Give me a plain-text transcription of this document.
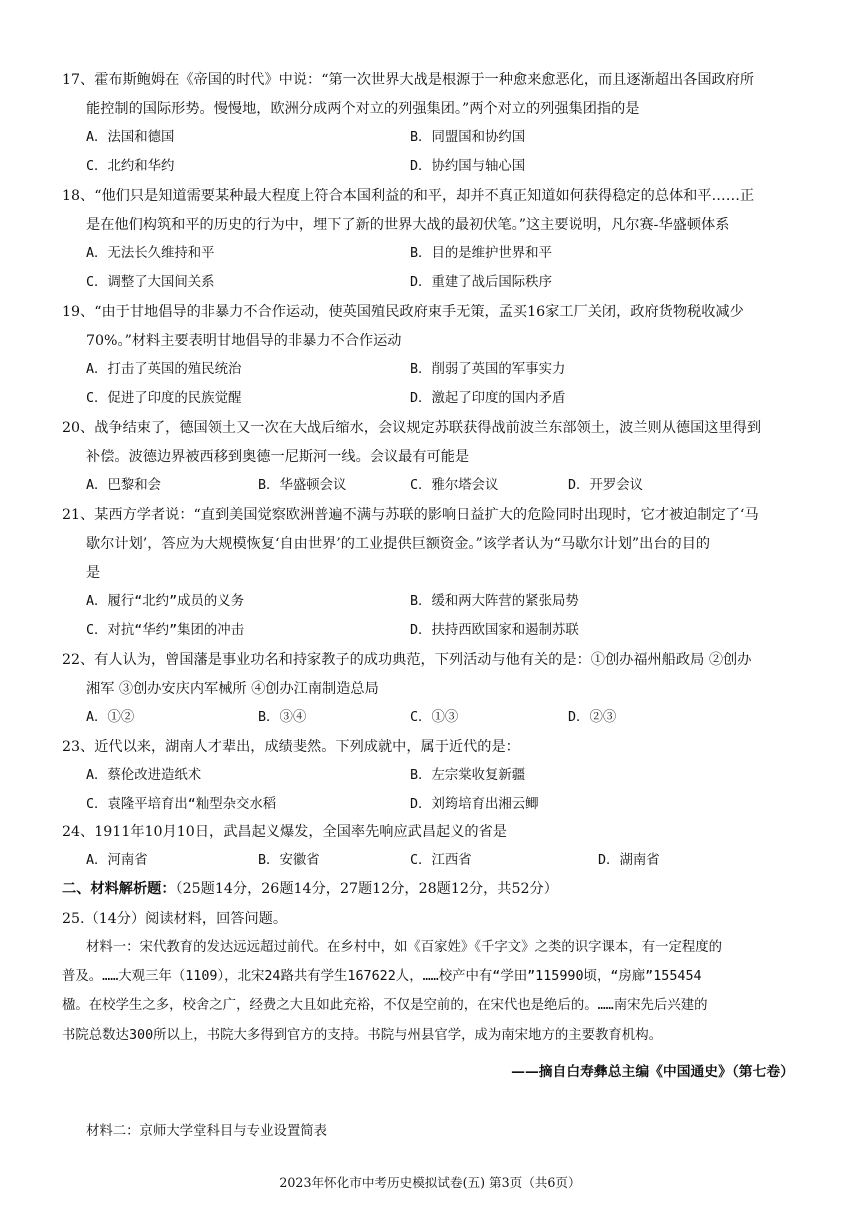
17、霍布斯鲍姆在《帝国的时代》中说：“第一次世界大战是根源于一种愈来愈恶化，而且逐渐超出各国政府所
能控制的国际形势。慢慢地，欧洲分成两个对立的列强集团。”两个对立的列强集团指的是
A．法国和德国	B．同盟国和协约国
C．北约和华约	D．协约国与轴心国
18、“他们只是知道需要某种最大程度上符合本国利益的和平，却并不真正知道如何获得稳定的总体和平……正
是在他们构筑和平的历史的行为中，埋下了新的世界大战的最初伏笔。”这主要说明，凡尔赛-华盛顿体系
A．无法长久维持和平	B．目的是维护世界和平
C．调整了大国间关系	D．重建了战后国际秩序
19、“由于甘地倡导的非暴力不合作运动，使英国殖民政府束手无策，孟买16家工厂关闭，政府货物税收减少
70%。”材料主要表明甘地倡导的非暴力不合作运动
A．打击了英国的殖民统治	B．削弱了英国的军事实力
C．促进了印度的民族觉醒	D．激起了印度的国内矛盾
20、战争结束了，德国领土又一次在大战后缩水，会议规定苏联获得战前波兰东部领土，波兰则从德国这里得到
补偿。波德边界被西移到奥德一尼斯河一线。会议最有可能是
A．巴黎和会	B．华盛顿会议	C．雅尔塔会议	D．开罗会议
21、某西方学者说：“直到美国觉察欧洲普遍不满与苏联的影响日益扩大的危险同时出现时，它才被迫制定了‘马
歇尔计划’，答应为大规模恢复‘自由世界’的工业提供巨额资金。”该学者认为“马歇尔计划”出台的目的
是
A．履行“北约”成员的义务	B．缓和两大阵营的紧张局势
C．对抗“华约”集团的冲击	D．扶持西欧国家和遏制苏联
22、有人认为，曾国藩是事业功名和持家教子的成功典范，下列活动与他有关的是：①创办福州船政局 ②创办
湘军 ③创办安庆内军械所 ④创办江南制造总局
A．①②	B．③④	C．①③	D．②③
23、近代以来，湖南人才辈出，成绩斐然。下列成就中，属于近代的是：
A．蔡伦改进造纸术	B．左宗棠收复新疆
C．袁隆平培育出“籼型杂交水稻	D．刘筠培育出湘云鲫
24、1911年10月10日，武昌起义爆发，全国率先响应武昌起义的省是
A．河南省	B．安徽省	C．江西省	D．湖南省
二、材料解析题：（25题14分，26题14分，27题12分，28题12分，共52分）
25.（14分）阅读材料，回答问题。
材料一：宋代教育的发达远远超过前代。在乡村中，如《百家姓》《千字文》之类的识字课本，有一定程度的
普及。……大观三年（1109），北宋24路共有学生167622人，……校产中有“学田”115990顷，“房廊”155454
楹。在校学生之多，校舍之广，经费之大且如此充裕，不仅是空前的，在宋代也是绝后的。……南宋先后兴建的
书院总数达300所以上，书院大多得到官方的支持。书院与州县官学，成为南宋地方的主要教育机构。
——摘自白寿彝总主编《中国通史》（第七卷）
材料二：京师大学堂科目与专业设置简表
2023年怀化市中考历史模拟试卷(五) 第3页（共6页）
